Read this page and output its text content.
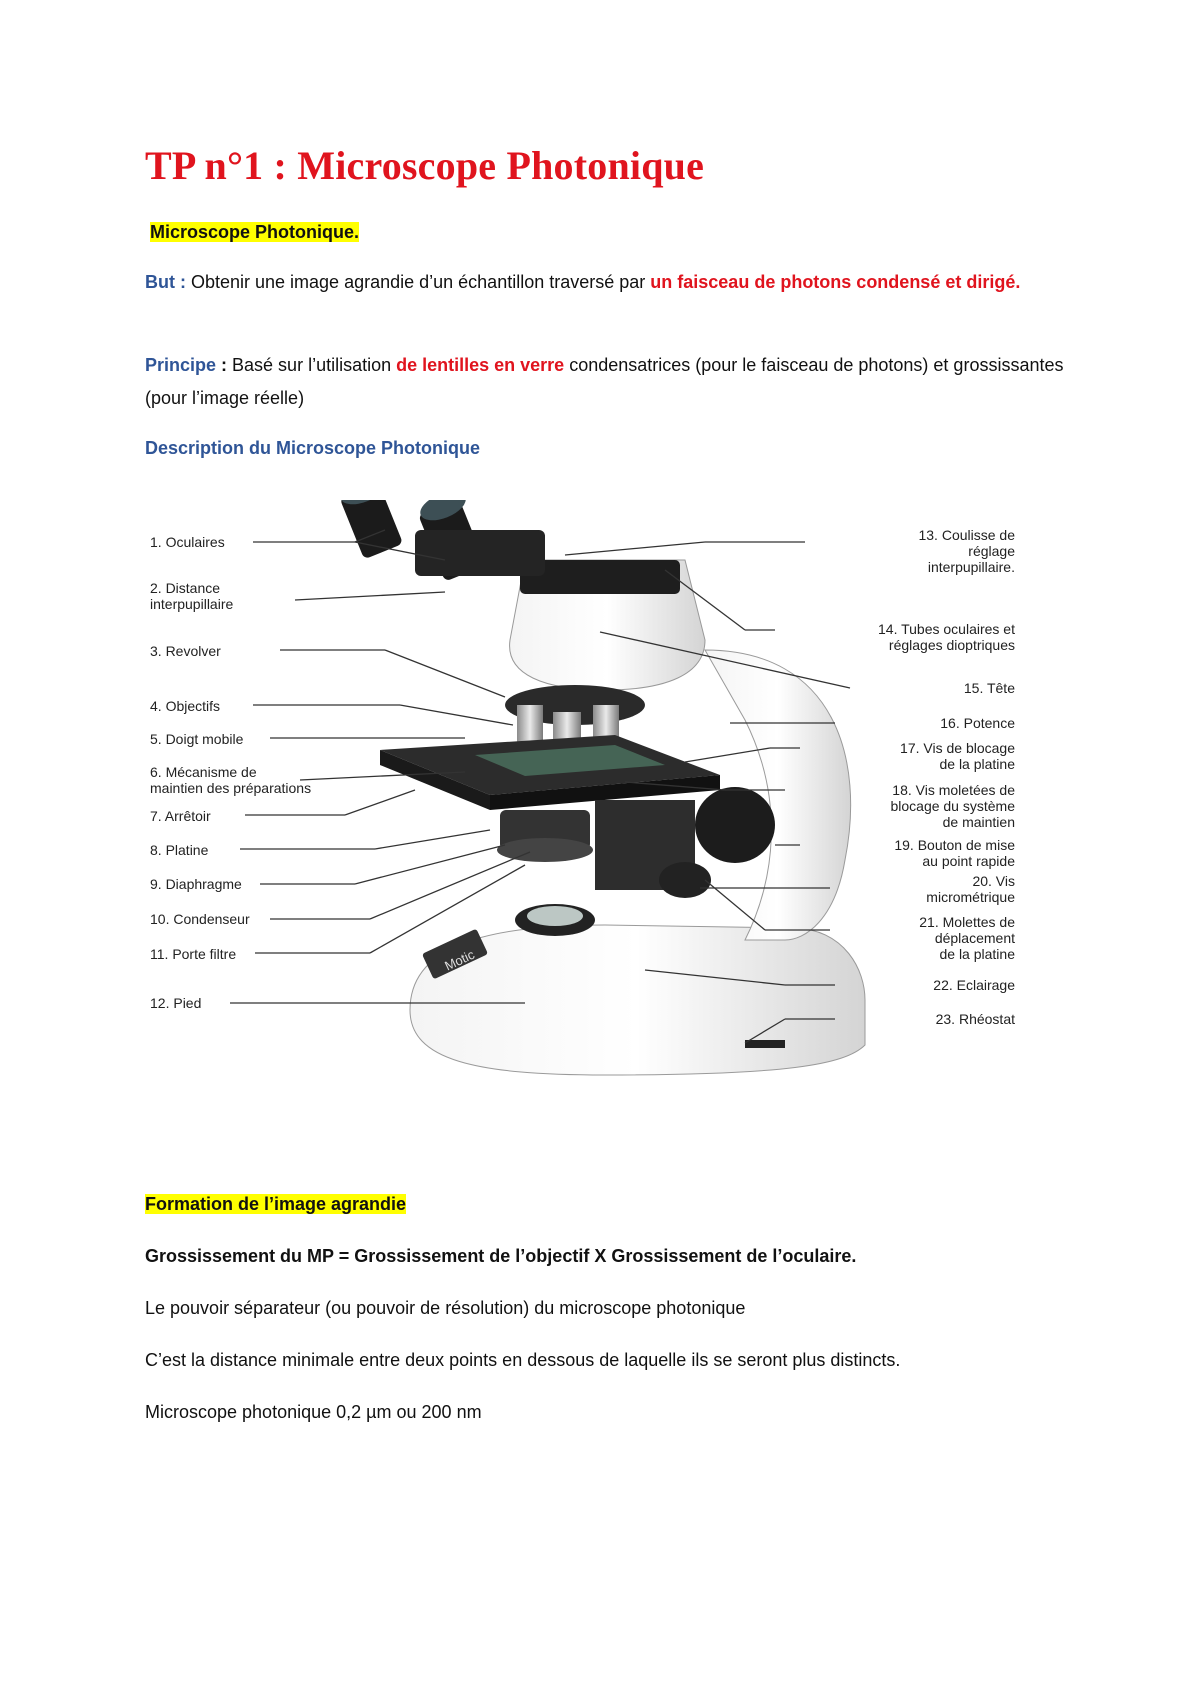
TP n°1 : Microscope Photonique

Microscope Photonique.

But : Obtenir une image agrandie d’un échantillon traversé par un faisceau de photons condensé et dirigé.

Principe : Basé sur l’utilisation de lentilles en verre condensatrices (pour le faisceau de photons) et grossissantes (pour l’image réelle)

Description du Microscope Photonique

Motic
1. Oculaires
2. Distance
interpupillaire
3. Revolver
4. Objectifs
5. Doigt mobile
6. Mécanisme de
maintien des préparations
7. Arrêtoir
8. Platine
9. Diaphragme
10. Condenseur
11. Porte filtre
12. Pied
13. Coulisse de
réglage
interpupillaire.
14. Tubes oculaires et
réglages dioptriques
15. Tête
16. Potence
17. Vis de blocage
de la platine
18. Vis moletées de
blocage du système
de maintien
19. Bouton de mise
au point rapide
20. Vis
micrométrique
21. Molettes de
déplacement
de la platine
22. Eclairage
23. Rhéostat

Formation de l’image agrandie

Grossissement du MP = Grossissement de l’objectif X Grossissement de l’oculaire.

Le pouvoir séparateur (ou pouvoir de résolution) du microscope photonique

C’est la distance minimale entre deux points en dessous de laquelle ils se seront plus distincts.

Microscope photonique 0,2 µm ou 200 nm
